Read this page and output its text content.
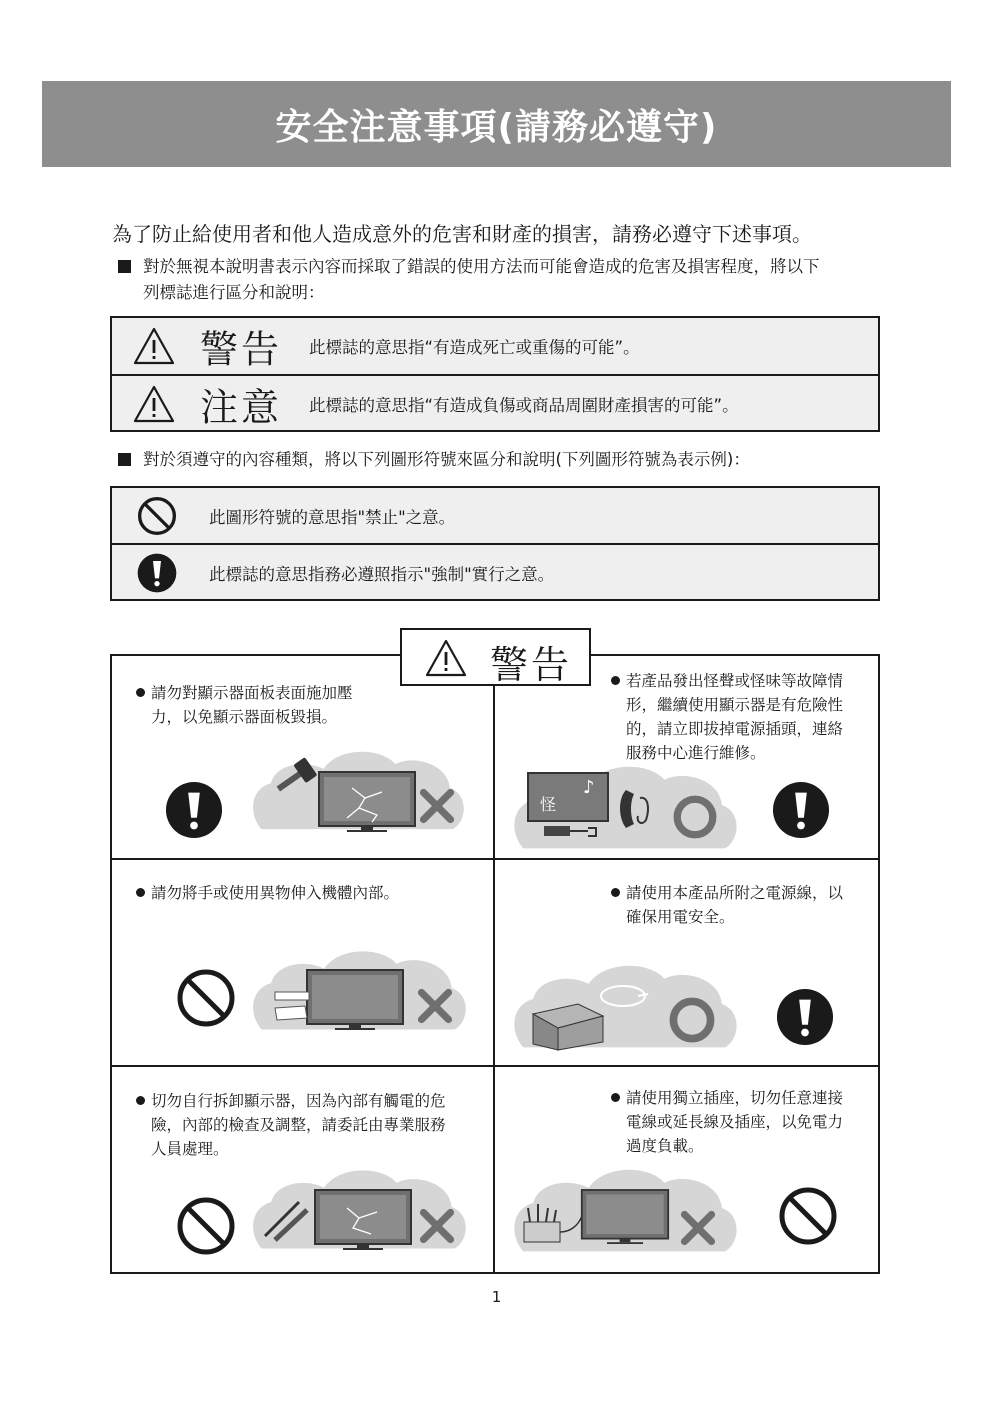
安全注意事項(請務必遵守)
為了防止給使用者和他人造成意外的危害和財產的損害，請務必遵守下述事項。
對於無視本說明書表示內容而採取了錯誤的使用方法而可能會造成的危害及損害程度，將以下
列標誌進行區分和說明：
警告 此標誌的意思指“有造成死亡或重傷的可能”。
注意 此標誌的意思指“有造成負傷或商品周圍財產損害的可能”。
對於須遵守的內容種類，將以下列圖形符號來區分和說明(下列圖形符號為表示例)：
此圖形符號的意思指"禁止"之意。
此標誌的意思指務必遵照指示"強制"實行之意。
警告
請勿對顯示器面板表面施加壓
力，以免顯示器面板毀損。
若產品發出怪聲或怪味等故障情
形，繼續使用顯示器是有危險性
的，請立即拔掉電源插頭，連絡
服務中心進行維修。
怪
♪
請勿將手或使用異物伸入機體內部。	請使用本產品所附之電源線，以
確保用電安全。
切勿自行拆卸顯示器，因為內部有觸電的危
險，內部的檢查及調整，請委託由專業服務
人員處理。
請使用獨立插座，切勿任意連接
電線或延長線及插座，以免電力
過度負載。
1
